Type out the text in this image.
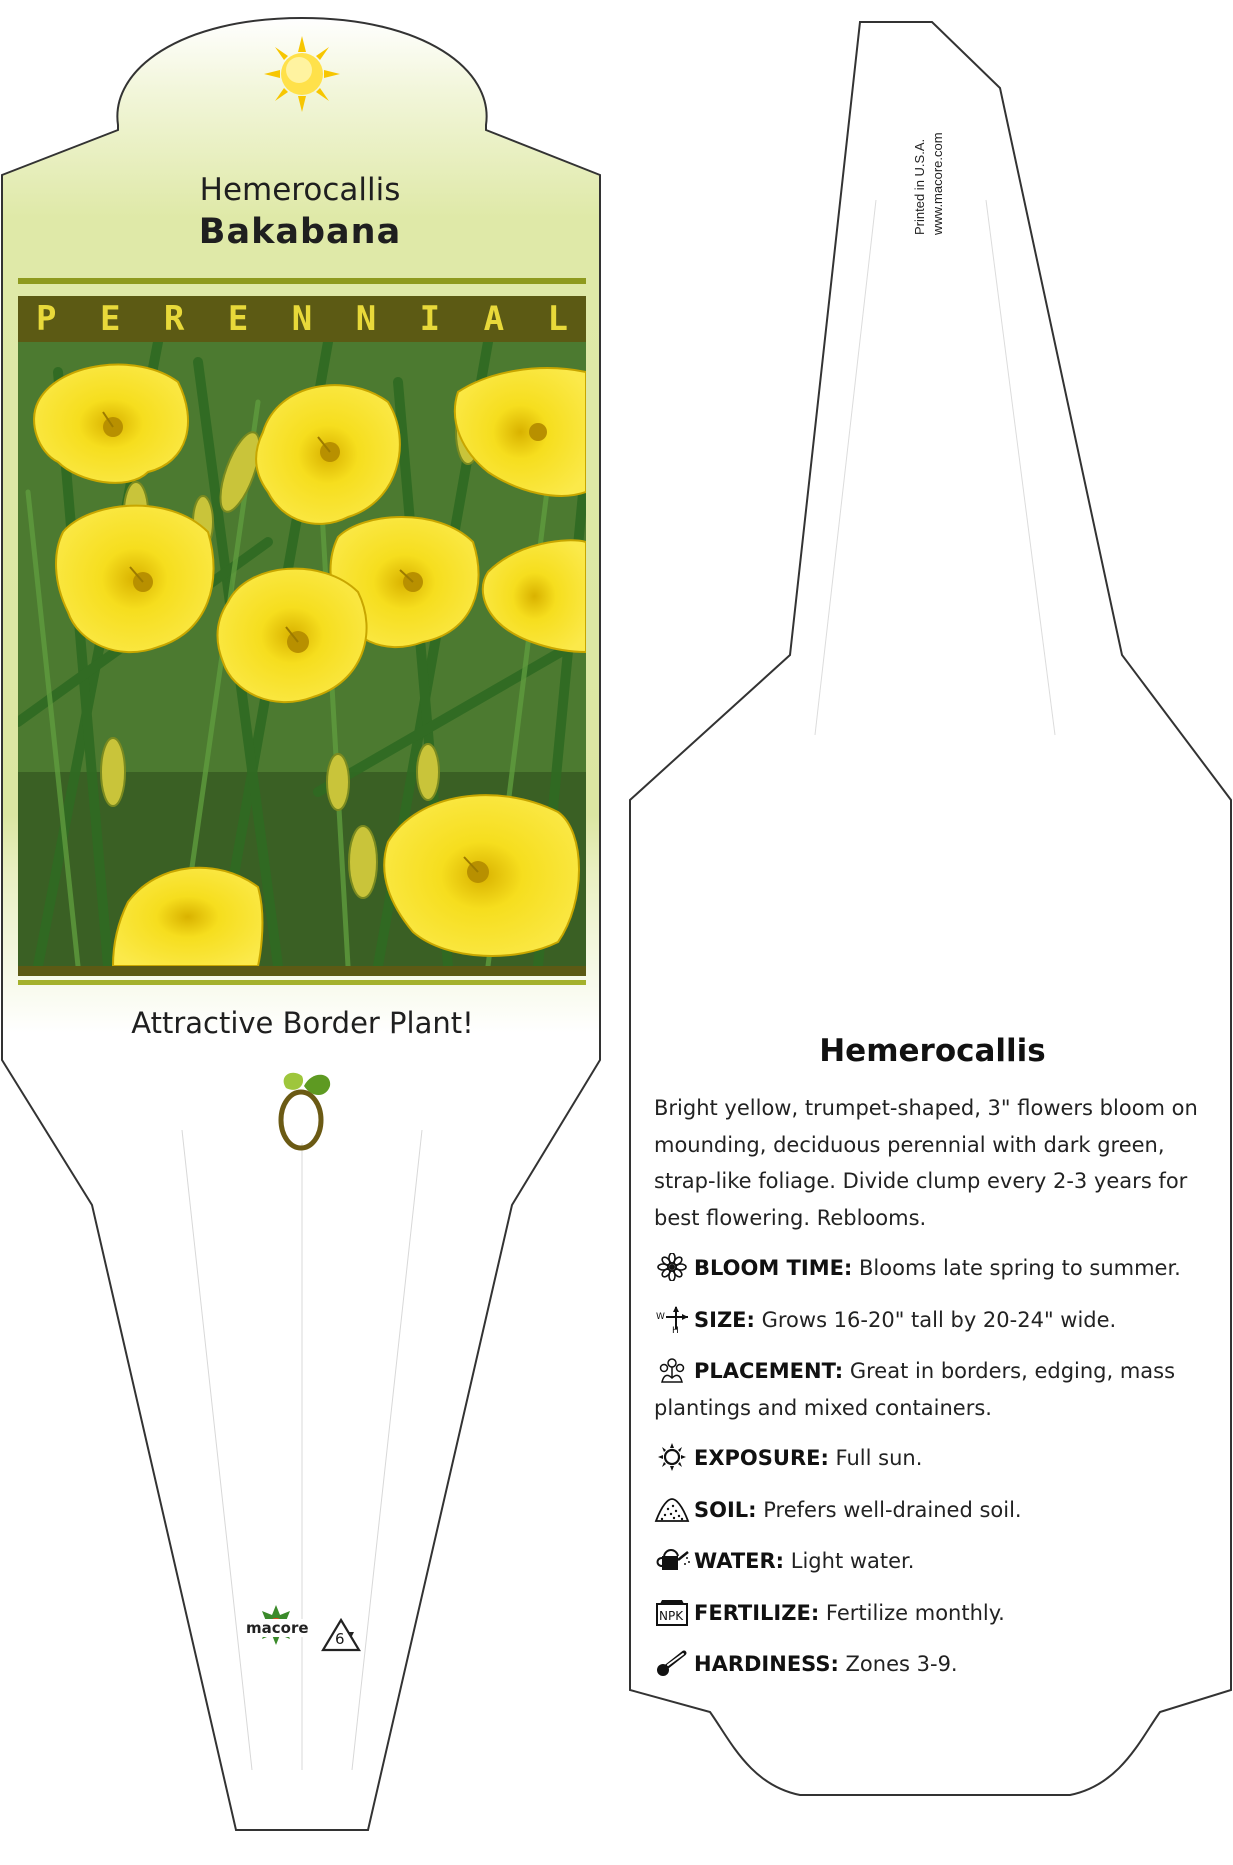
Hemerocallis
Bakabana
P E R E N N I A L
Attractive Border Plant!
macore
6
Printed in U.S.A. www.macore.com
Hemerocallis
Bright yellow, trumpet-shaped, 3" flowers bloom on mounding, deciduous perennial with dark green, strap-like foliage. Divide clump every 2-3 years for best flowering. Reblooms.
BLOOM TIME: Blooms late spring to summer.
W
H SIZE: Grows 16-20" tall by 20-24" wide.
PLACEMENT: Great in borders, edging, mass plantings and mixed containers.
EXPOSURE: Full sun.
SOIL: Prefers well-drained soil.
WATER: Light water.
NPK FERTILIZE: Fertilize monthly.
HARDINESS: Zones 3-9.
